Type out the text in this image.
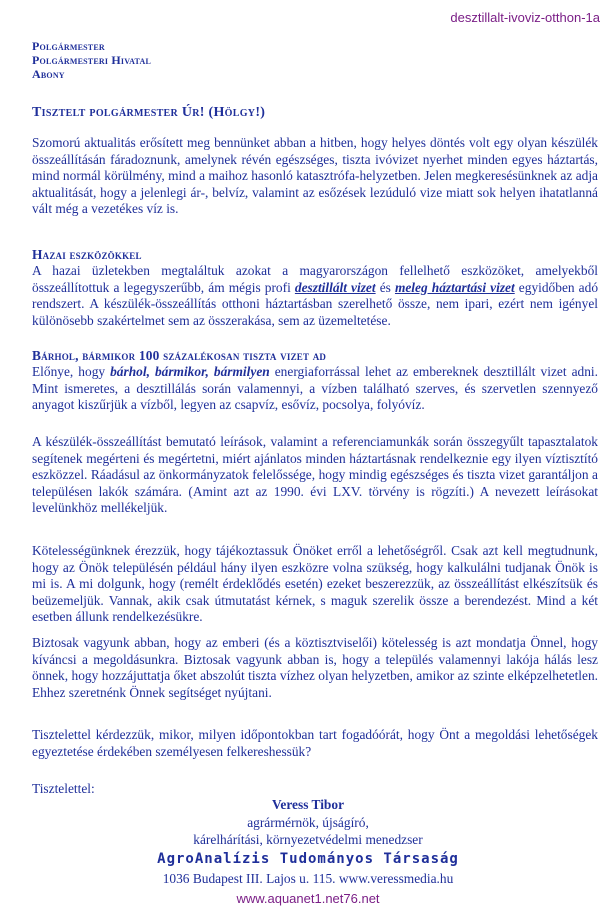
desztillalt-ivoviz-otthon-1a
Polgármester
Polgármesteri Hivatal
Abony
Tisztelt polgármester Úr! (Hölgy!)
Szomorú aktualitás erősített meg bennünket abban a hitben, hogy helyes döntés volt egy olyan készülék összeállításán fáradoznunk, amelynek révén egészséges, tiszta ivóvizet nyerhet minden egyes háztartás, mind normál körülmény, mind a maihoz hasonló katasztrófa-helyzetben. Jelen megkeresésünknek az adja aktualitását, hogy a jelenlegi ár-, belvíz, valamint az esőzések lezúduló vize miatt sok helyen ihatatlanná vált még a vezetékes víz is.
Hazai eszközökkel
A hazai üzletekben megtaláltuk azokat a magyarországon fellelhető eszközöket, amelyekből összeállítottuk a legegyszerűbb, ám mégis profi desztillált vizet és meleg háztartási vizet egyidőben adó rendszert. A készülék-összeállítás otthoni háztartásban szerelhető össze, nem ipari, ezért nem igényel különösebb szakértelmet sem az összerakása, sem az üzemeltetése.
Bárhol, bármikor 100 százalékosan tiszta vizet ad
Előnye, hogy bárhol, bármikor, bármilyen energiaforrással lehet az embereknek desztillált vizet adni. Mint ismeretes, a desztillálás során valamennyi, a vízben található szerves, és szervetlen szennyező anyagot kiszűrjük a vízből, legyen az csapvíz, esővíz, pocsolya, folyóvíz.
A készülék-összeállítást bemutató leírások, valamint a referenciamunkák során összegyűlt tapasztalatok segítenek megérteni és megértetni, miért ajánlatos minden háztartásnak rendelkeznie egy ilyen víztisztító eszközzel. Ráadásul az önkormányzatok felelőssége, hogy mindig egészséges és tiszta vizet garantáljon a településen lakók számára. (Amint azt az 1990. évi LXV. törvény is rögzíti.) A nevezett leírásokat levelünkhöz mellékeljük.
Kötelességünknek érezzük, hogy tájékoztassuk Önöket erről a lehetőségről. Csak azt kell megtudnunk, hogy az Önök településén például hány ilyen eszközre volna szükség, hogy kalkulálni tudjanak Önök is mi is. A mi dolgunk, hogy (remélt érdeklődés esetén) ezeket beszerezzük, az összeállítást elkészítsük és beüzemeljük. Vannak, akik csak útmutatást kérnek, s maguk szerelik össze a berendezést. Mind a két esetben állunk rendelkezésükre.
Biztosak vagyunk abban, hogy az emberi (és a köztisztviselői) kötelesség is azt mondatja Önnel, hogy kíváncsi a megoldásunkra. Biztosak vagyunk abban is, hogy a település valamennyi lakója hálás lesz önnek, hogy hozzájuttatja őket abszolút tiszta vízhez olyan helyzetben, amikor az szinte elképzelhetetlen. Ehhez szeretnénk Önnek segítséget nyújtani.
Tisztelettel kérdezzük, mikor, milyen időpontokban tart fogadóórát, hogy Önt a megoldási lehetőségek egyeztetése érdekében személyesen felkereshessük?
Tisztelettel:
Veress Tibor
agrármérnök, újságíró,
kárelhárítási, környezetvédelmi menedzser
AgroAnalízis Tudományos Társaság
1036 Budapest III. Lajos u. 115. www.veressmedia.hu
www.aquanet1.net76.net
